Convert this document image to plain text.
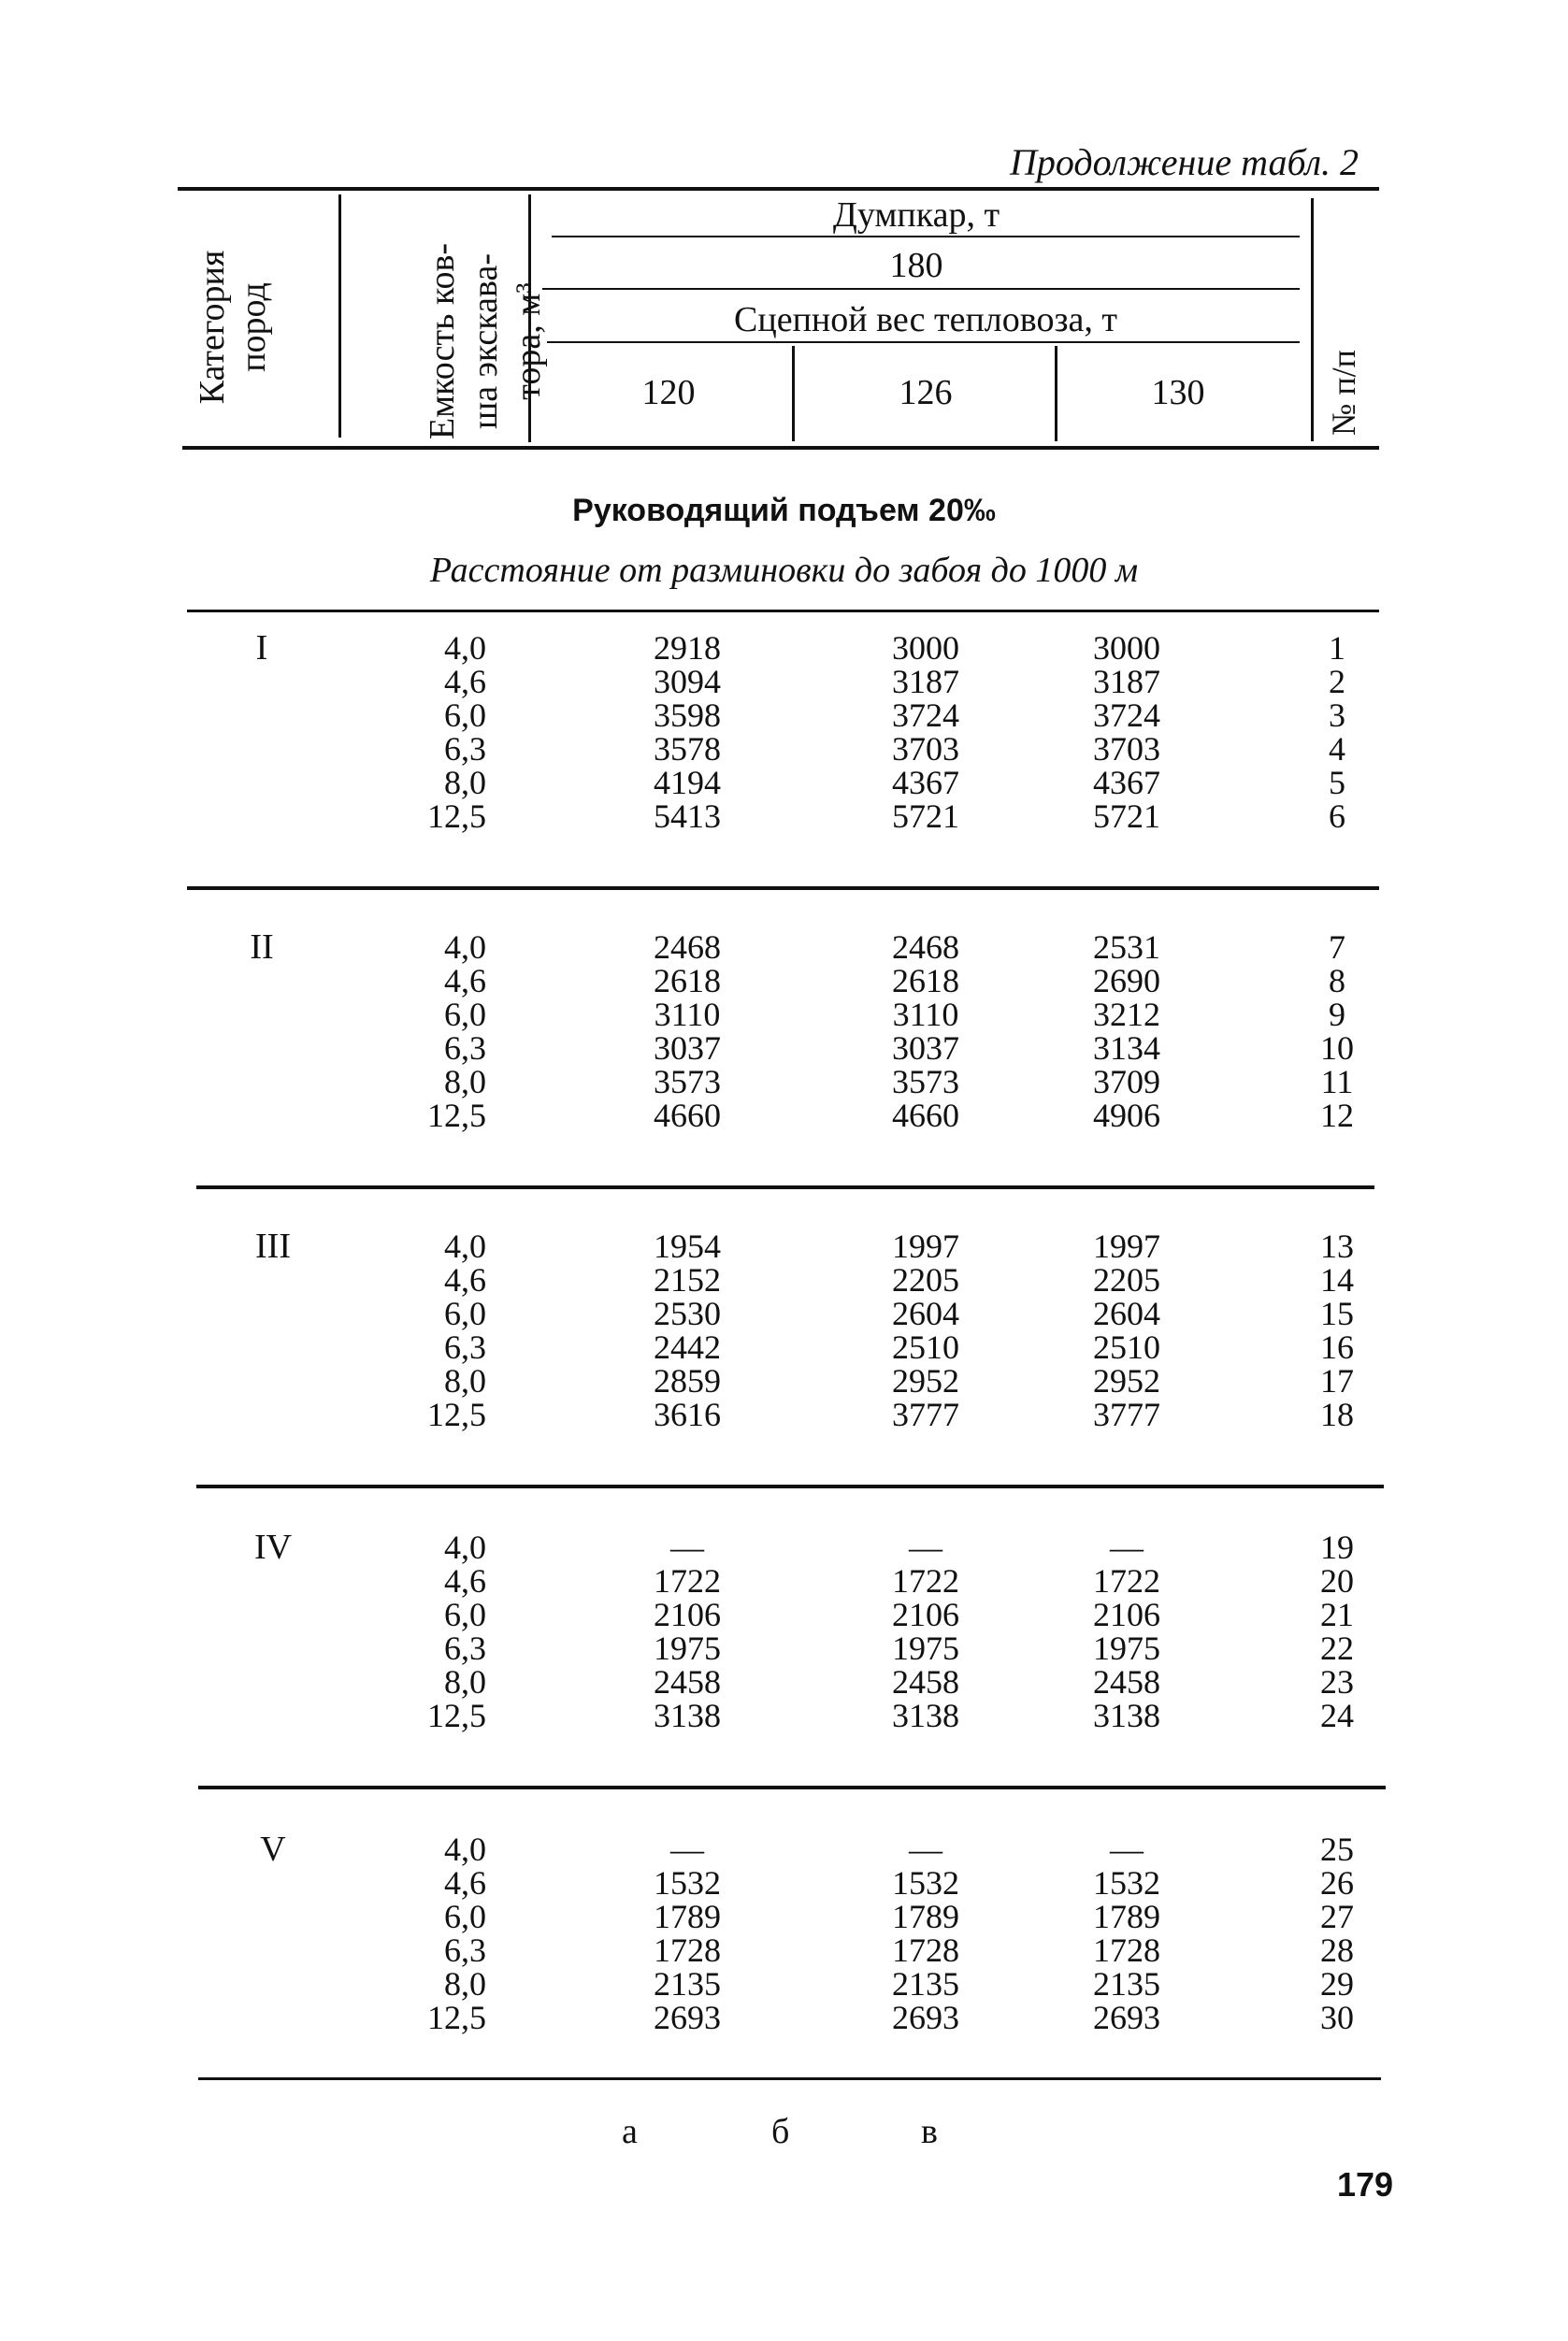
Продолжение табл. 2
Категория пород	Емкость ков- ша экскава- тора, м³	№ п/п
Думпкар, т
180
Сцепной вес тепловоза, т
120	126	130
Руководящий подъем 20‰
Расстояние от разминовки до забоя до 1000 м
I	4,0	2918	3000	3000	1
4,6	3094	3187	3187	2
6,0	3598	3724	3724	3
6,3	3578	3703	3703	4
8,0	4194	4367	4367	5
12,5	5413	5721	5721	6
II	4,0	2468	2468	2531	7
4,6	2618	2618	2690	8
6,0	3110	3110	3212	9
6,3	3037	3037	3134	10
8,0	3573	3573	3709	11
12,5	4660	4660	4906	12
III	4,0	1954	1997	1997	13
4,6	2152	2205	2205	14
6,0	2530	2604	2604	15
6,3	2442	2510	2510	16
8,0	2859	2952	2952	17
12,5	3616	3777	3777	18
IV	4,0	—	—	—	19
4,6	1722	1722	1722	20
6,0	2106	2106	2106	21
6,3	1975	1975	1975	22
8,0	2458	2458	2458	23
12,5	3138	3138	3138	24
V	4,0	—	—	—	25
4,6	1532	1532	1532	26
6,0	1789	1789	1789	27
6,3	1728	1728	1728	28
8,0	2135	2135	2135	29
12,5	2693	2693	2693	30
а	б	в
179
